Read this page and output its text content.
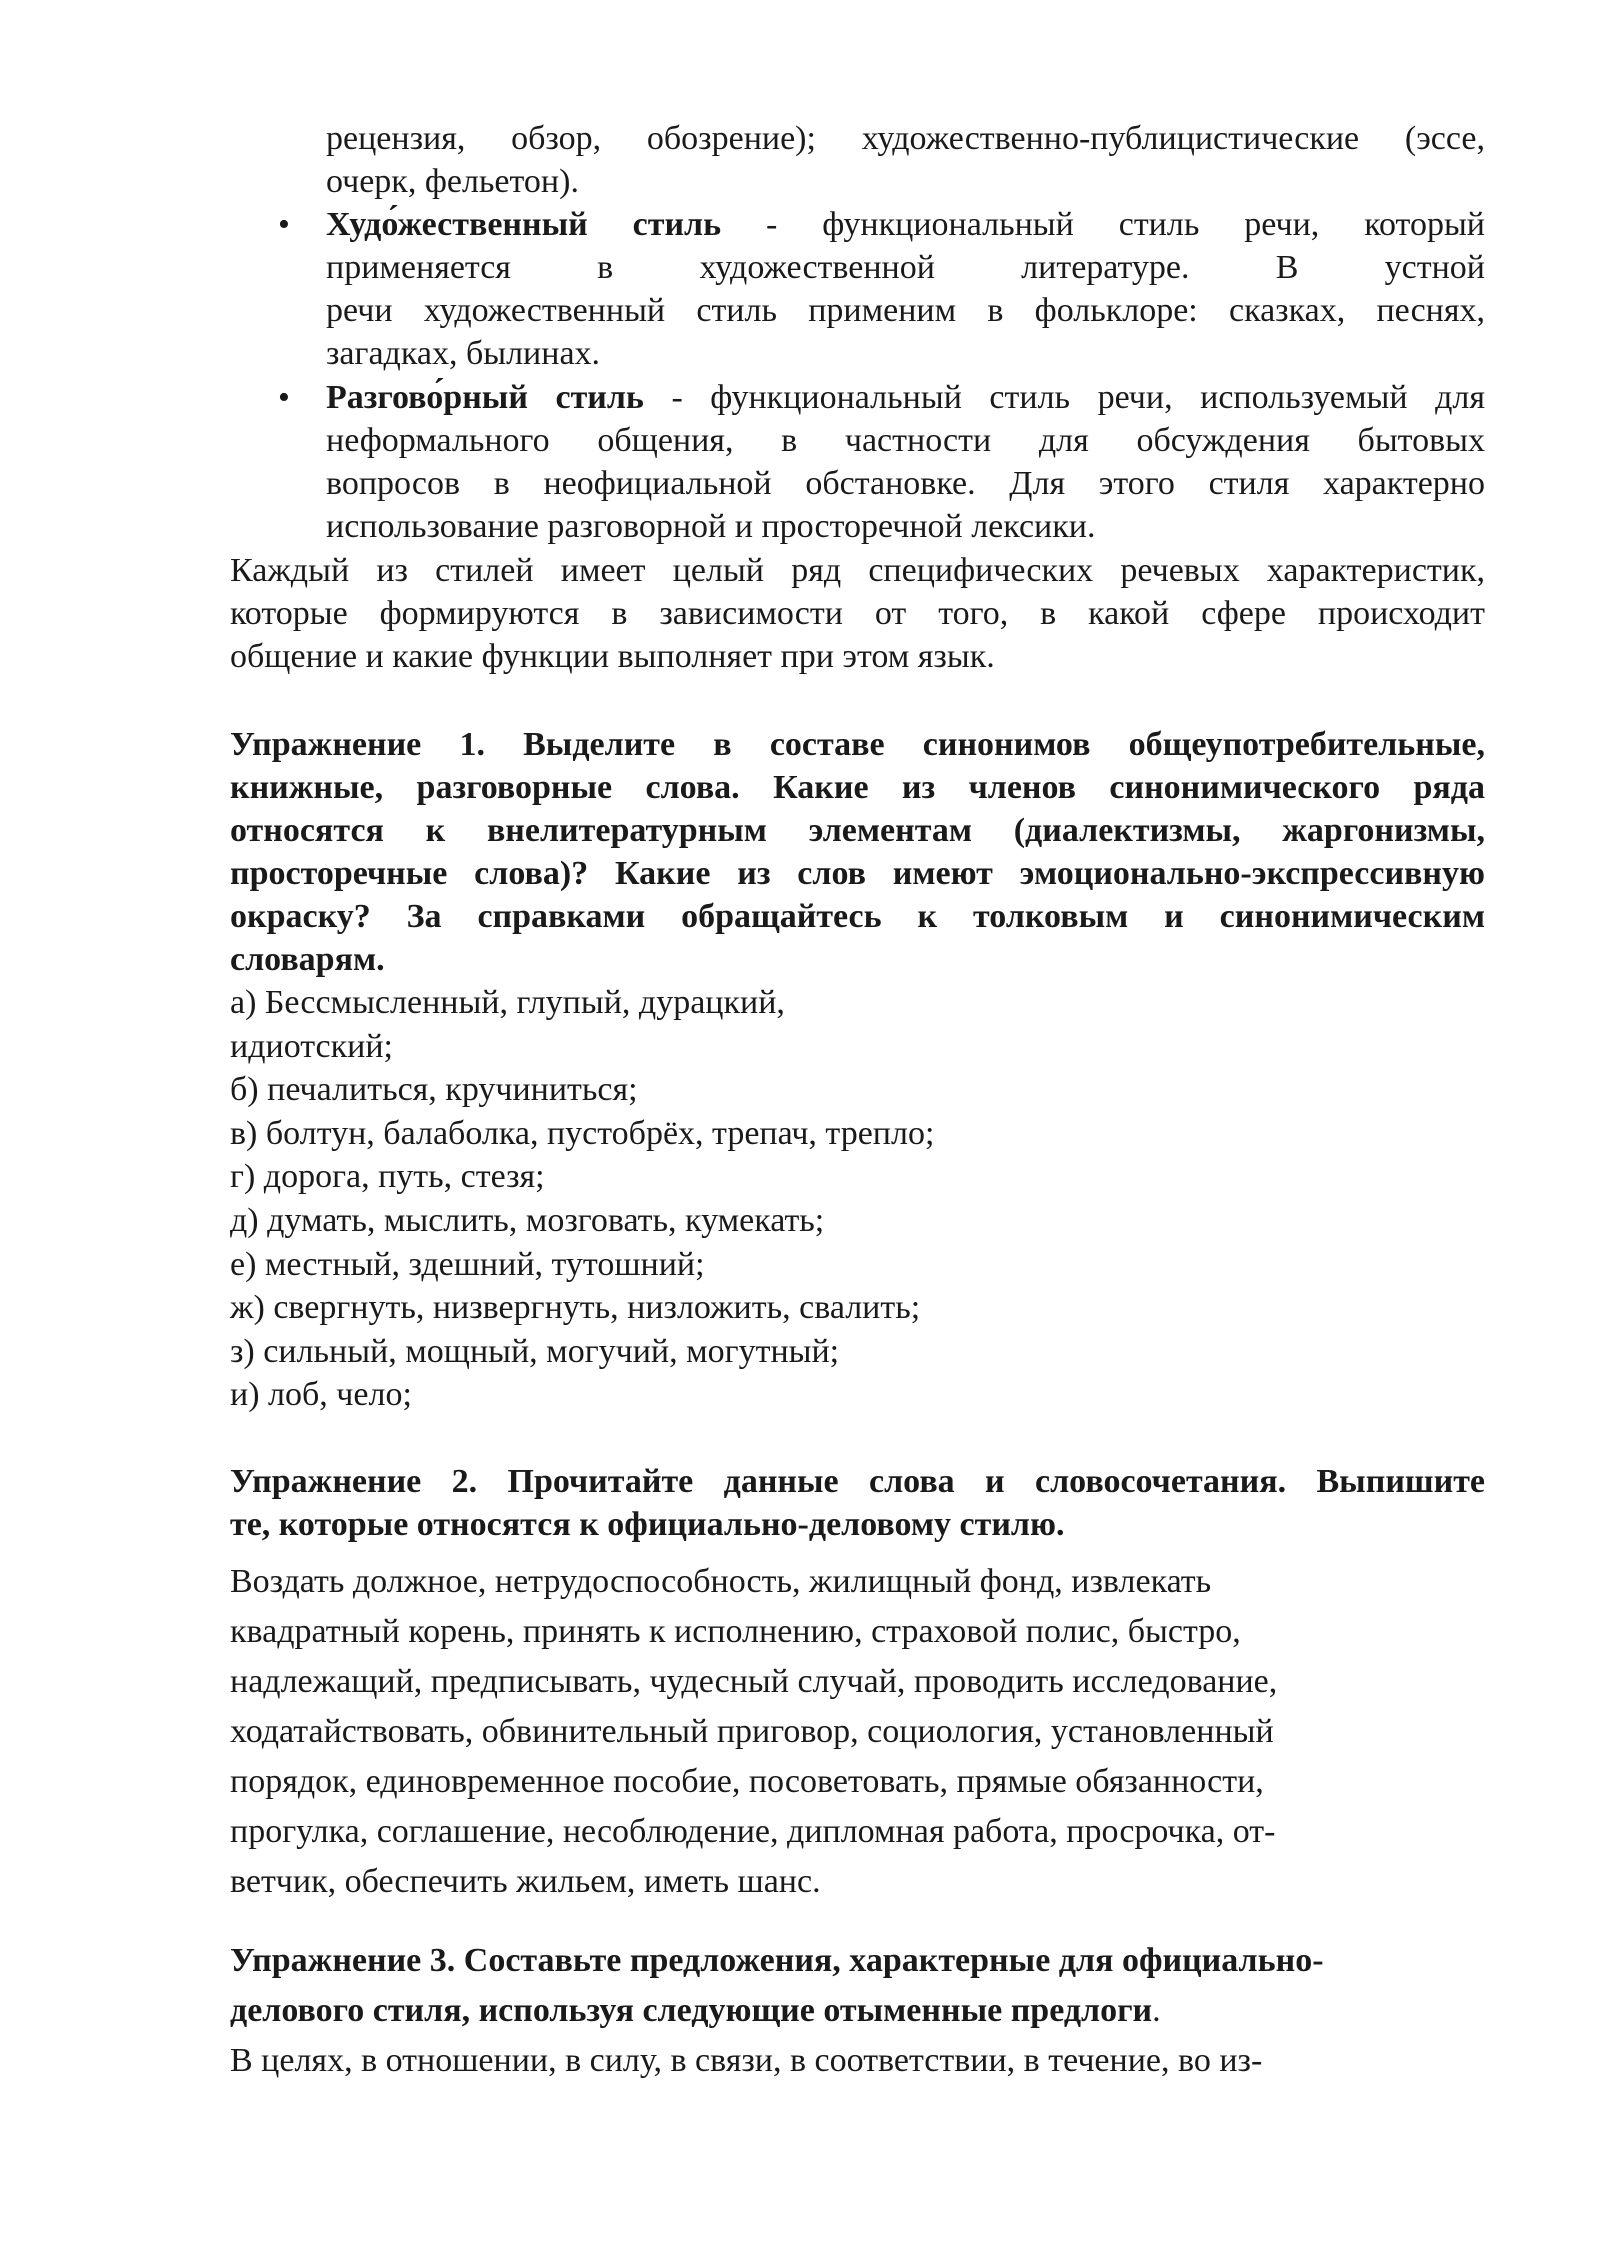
рецензия, обзор, обозрение); художественно-публицистические (эссе,
очерк, фельетон).
• Худо́жественный стиль - функциональный стиль речи, который
применяется в художественной литературе. В устной
речи художественный стиль применим в фольклоре: сказках, песнях,
загадках, былинах.
• Разгово́рный стиль - функциональный стиль речи, используемый для
неформального общения, в частности для обсуждения бытовых
вопросов в неофициальной обстановке. Для этого стиля характерно
использование разговорной и просторечной лексики.
Каждый из стилей имеет целый ряд специфических речевых характеристик,
которые формируются в зависимости от того, в какой сфере происходит
общение и какие функции выполняет при этом язык.
Упражнение 1. Выделите в составе синонимов общеупотребительные,
книжные, разговорные слова. Какие из членов синонимического ряда
относятся к внелитературным элементам (диалектизмы, жаргонизмы,
просторечные слова)? Какие из слов имеют эмоционально-экспрессивную
окраску? За справками обращайтесь к толковым и синонимическим
словарям.
а) Бессмысленный, глупый, дурацкий,
идиотский;
б) печалиться, кручиниться;
в) болтун, балаболка, пустобрёх, трепач, трепло;
г) дорога, путь, стезя;
д) думать, мыслить, мозговать, кумекать;
е) местный, здешний, тутошний;
ж) свергнуть, низвергнуть, низложить, свалить;
з) сильный, мощный, могучий, могутный;
и) лоб, чело;
Упражнение 2. Прочитайте данные слова и словосочетания. Выпишите
те, которые относятся к официально-деловому стилю.
Воздать должное, нетрудоспособность, жилищный фонд, извлекать
квадратный корень, принять к исполнению, страховой полис, быстро,
надлежащий, предписывать, чудесный случай, проводить исследование,
ходатайствовать, обвинительный приговор, социология, установленный
порядок, единовременное пособие, посоветовать, прямые обязанности,
прогулка, соглашение, несоблюдение, дипломная работа, просрочка, от-
ветчик, обеспечить жильем, иметь шанс.
Упражнение 3. Составьте предложения, характерные для официально-
делового стиля, используя следующие отыменные предлоги.
В целях, в отношении, в силу, в связи, в соответствии, в течение, во из-
